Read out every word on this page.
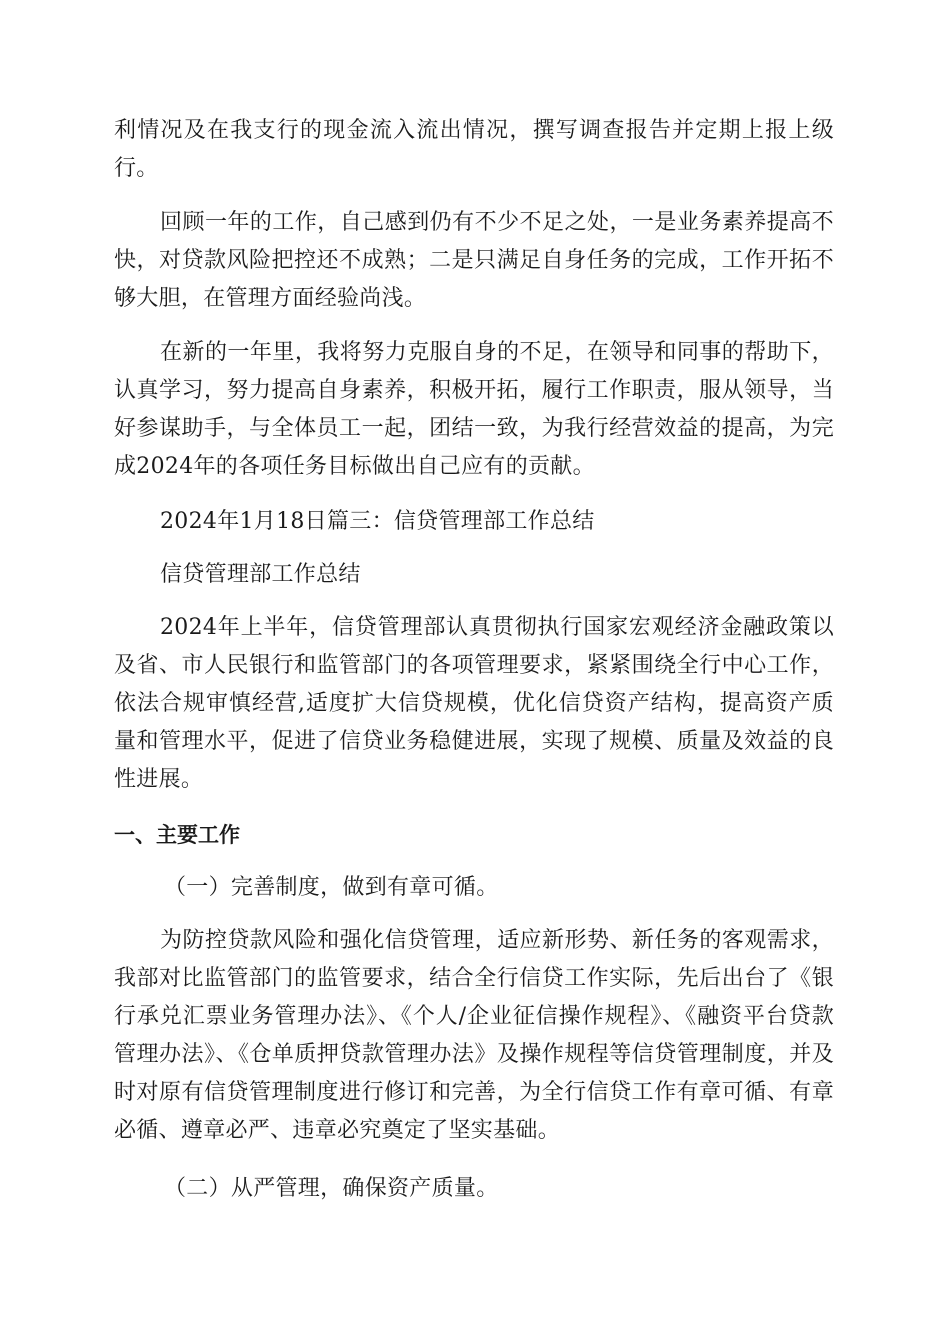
利情况及在我支行的现金流入流出情况，撰写调查报告并定期上报上级行。

回顾一年的工作，自己感到仍有不少不足之处，一是业务素养提高不快，对贷款风险把控还不成熟；二是只满足自身任务的完成，工作开拓不够大胆，在管理方面经验尚浅。

在新的一年里，我将努力克服自身的不足，在领导和同事的帮助下，认真学习，努力提高自身素养，积极开拓，履行工作职责，服从领导，当好参谋助手，与全体员工一起，团结一致，为我行经营效益的提高，为完成2024年的各项任务目标做出自己应有的贡献。

2024年1月18日篇三：信贷管理部工作总结

信贷管理部工作总结

2024年上半年，信贷管理部认真贯彻执行国家宏观经济金融政策以及省、市人民银行和监管部门的各项管理要求，紧紧围绕全行中心工作，依法合规审慎经营,适度扩大信贷规模，优化信贷资产结构，提高资产质量和管理水平，促进了信贷业务稳健进展，实现了规模、质量及效益的良性进展。

一、主要工作

（一）完善制度，做到有章可循。

为防控贷款风险和强化信贷管理，适应新形势、新任务的客观需求，我部对比监管部门的监管要求，结合全行信贷工作实际，先后出台了《银行承兑汇票业务管理办法》、《个人/企业征信操作规程》、《融资平台贷款管理办法》、《仓单质押贷款管理办法》及操作规程等信贷管理制度，并及时对原有信贷管理制度进行修订和完善，为全行信贷工作有章可循、有章必循、遵章必严、违章必究奠定了坚实基础。

（二）从严管理，确保资产质量。
